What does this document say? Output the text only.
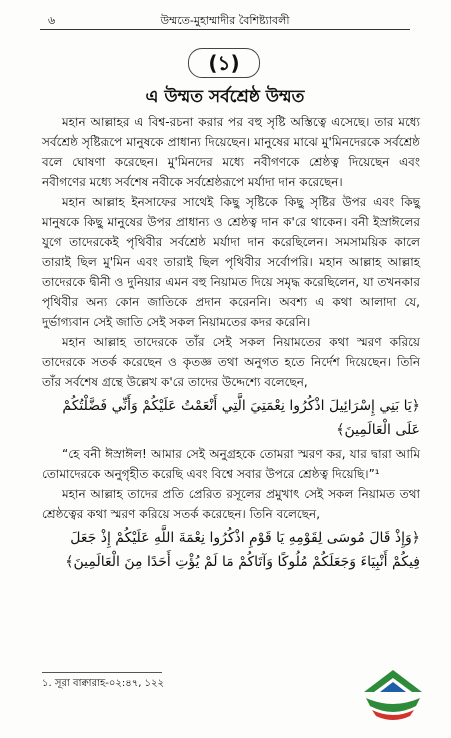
৬	উম্মতে-মুহাম্মাদীর বৈশিষ্ট্যাবলী
(১)
এ উম্মত সর্বশ্রেষ্ঠ উম্মত

মহান আল্লাহর এ বিশ্ব-রচনা করার পর বহু সৃষ্টি অস্তিত্বে এসেছে। তার মধ্যে সর্বশ্রেষ্ঠ সৃষ্টিরূপে মানুষকে প্রাধান্য দিয়েছেন। মানুষের মাঝে মু'মিনদেরকে সর্বশ্রেষ্ঠ বলে ঘোষণা করেছেন। মু'মিনদের মধ্যে নবীগণকে শ্রেষ্ঠত্ব দিয়েছেন এবং নবীগণের মধ্যে সর্বশেষ নবীকে সর্বশ্রেষ্ঠরূপে মর্যাদা দান করেছেন।

মহান আল্লাহ ইনসাফের সাথেই কিছু সৃষ্টিকে কিছু সৃষ্টির উপর এবং কিছু মানুষকে কিছু মানুষের উপর প্রাধান্য ও শ্রেষ্ঠত্ব দান ক'রে থাকেন। বনী ইস্রাঈলের যুগে তাদেরকেই পৃথিবীর সর্বশ্রেষ্ঠ মর্যাদা দান করেছিলেন। সমসাময়িক কালে তারাই ছিল মু'মিন এবং তারাই ছিল পৃথিবীর সর্বোপরি। মহান আল্লাহ আল্লাহ তাদেরকে দ্বীনী ও দুনিয়ার এমন বহু নিয়ামত দিয়ে সমৃদ্ধ করেছিলেন, যা তখনকার পৃথিবীর অন্য কোন জাতিকে প্রদান করেননি। অবশ্য এ কথা আলাদা যে, দুর্ভাগ্যবান সেই জাতি সেই সকল নিয়ামতের কদর করেনি।

মহান আল্লাহ তাদেরকে তাঁর সেই সকল নিয়ামতের কথা স্মরণ করিয়ে তাদেরকে সতর্ক করেছেন ও কৃতজ্ঞ তথা অনুগত হতে নির্দেশ দিয়েছেন। তিনি তাঁর সর্বশেষ গ্রন্থে উল্লেখ ক'রে তাদের উদ্দেশ্যে বলেছেন,

﴿يَا بَنِي إِسْرَائِيلَ اذْكُرُوا نِعْمَتِيَ الَّتِي أَنْعَمْتُ عَلَيْكُمْ وَأَنِّي فَضَّلْتُكُمْ عَلَى الْعَالَمِينَ﴾

“হে বনী ঈস্রাঈল! আমার সেই অনুগ্রহকে তোমরা স্মরণ কর, যার দ্বারা আমি তোমাদেরকে অনুগৃহীত করেছি এবং বিশ্বে সবার উপরে শ্রেষ্ঠত্ব দিয়েছি।”¹

মহান আল্লাহ তাদের প্রতি প্রেরিত রসূলের প্রমুখাৎ সেই সকল নিয়ামত তথা শ্রেষ্ঠত্বের কথা স্মরণ করিয়ে সতর্ক করেছেন। তিনি বলেছেন,

﴿وَإِذْ قَالَ مُوسَى لِقَوْمِهِ يَا قَوْمِ اذْكُرُوا نِعْمَةَ اللَّهِ عَلَيْكُمْ إِذْ جَعَلَ فِيكُمْ أَنْبِيَاءَ وَجَعَلَكُمْ مُلُوكًا وَآتَاكُمْ مَا لَمْ يُؤْتِ أَحَدًا مِنَ الْعَالَمِينَ﴾
১. সূরা বাক্বারাহ-০২:৪৭, ১২২
